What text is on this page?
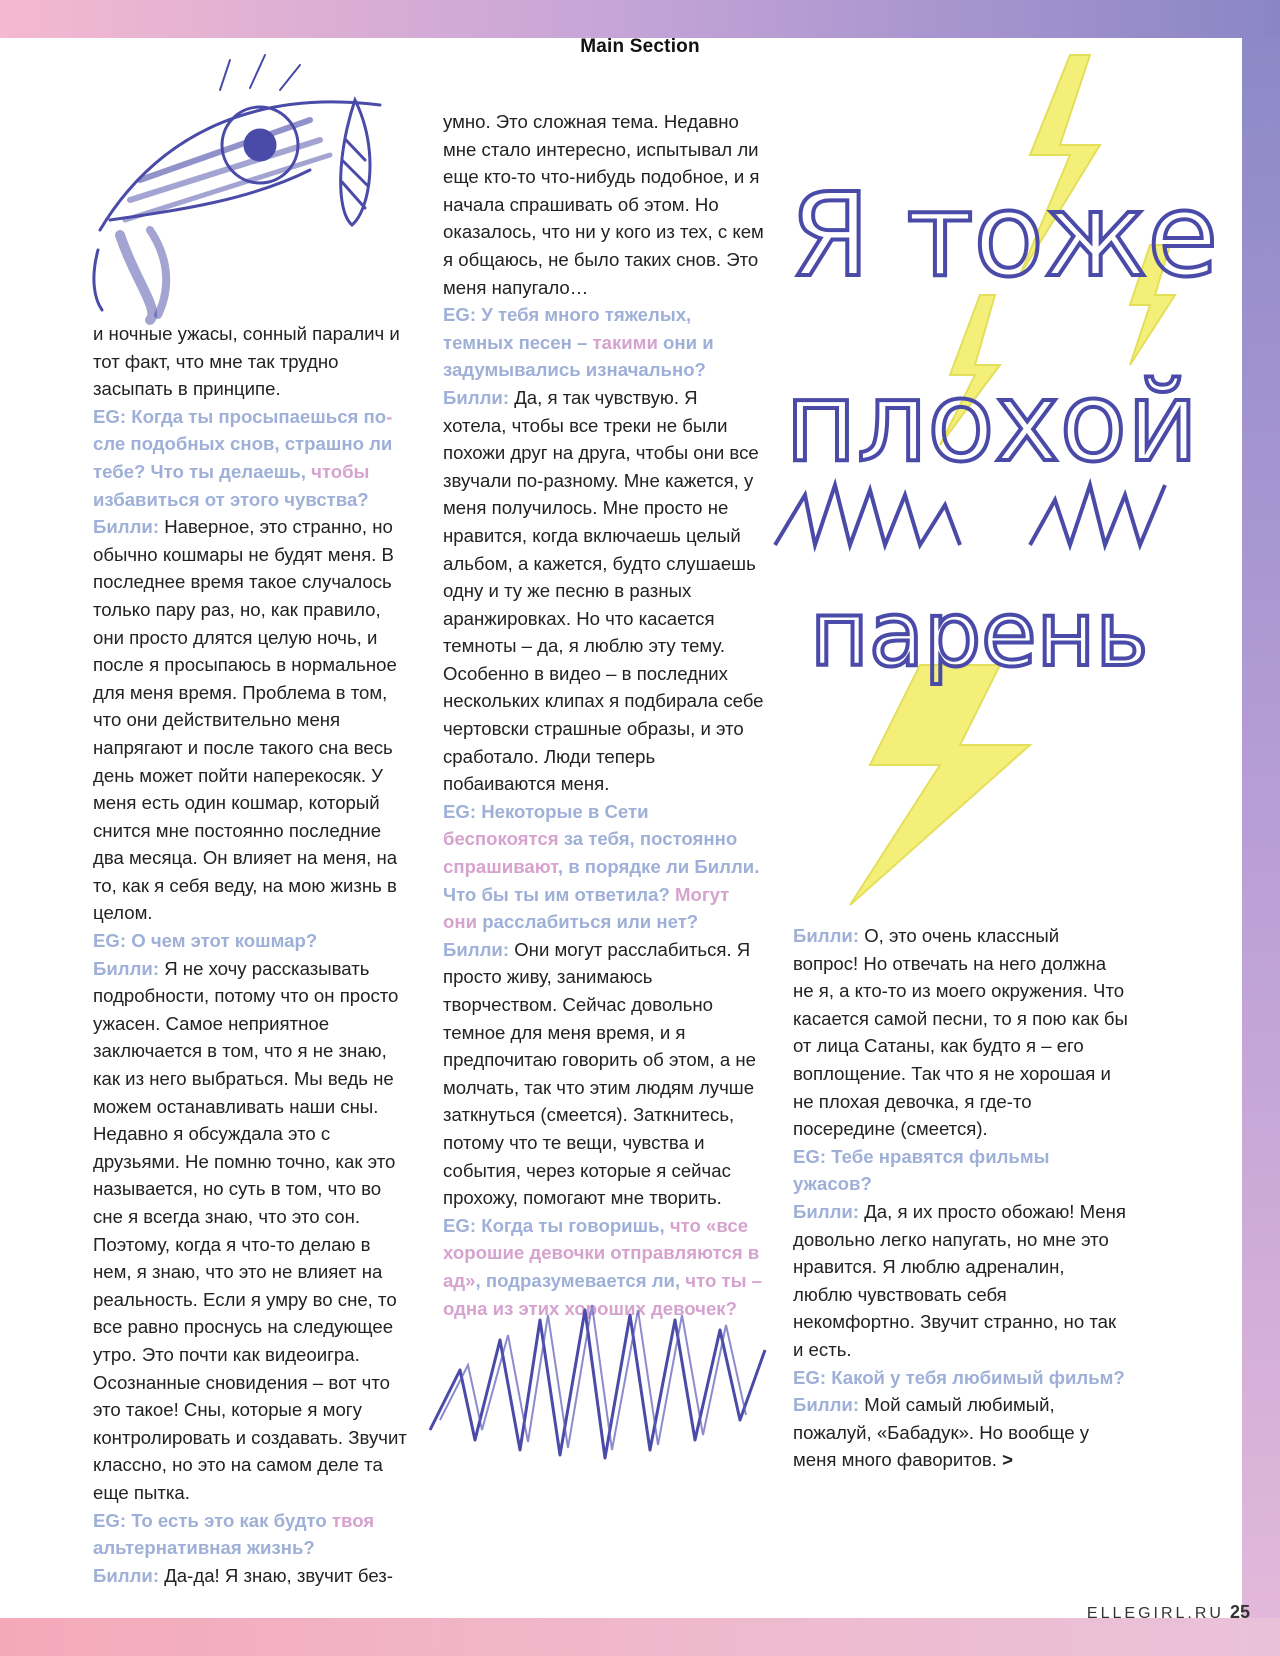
Main Section

и ночные ужасы, сонный паралич и тот факт, что мне так трудно засыпать в принципе.

EG: Когда ты просыпаешься по-сле подобных снов, страшно ли тебе? Что ты делаешь, чтобы избавиться от этого чувства?

Билли: Наверное, это странно, но обычно кошмары не будят меня. В последнее время такое случалось только пару раз, но, как правило, они просто длятся целую ночь, и после я просыпаюсь в нормальное для меня время. Проблема в том, что они действительно меня напрягают и после такого сна весь день может пойти наперекосяк. У меня есть один кошмар, который снится мне постоянно последние два месяца. Он влияет на меня, на то, как я себя веду, на мою жизнь в целом.

EG: О чем этот кошмар?

Билли: Я не хочу рассказывать подробности, потому что он просто ужасен. Самое неприятное заключается в том, что я не знаю, как из него выбраться. Мы ведь не можем останавливать наши сны. Недавно я обсуждала это с друзьями. Не помню точно, как это называется, но суть в том, что во сне я всегда знаю, что это сон. Поэтому, когда я что-то делаю в нем, я знаю, что это не влияет на реальность. Если я умру во сне, то все равно проснусь на следующее утро. Это почти как видеоигра. Осознанные сновидения – вот что это такое! Сны, которые я могу контролировать и создавать. Звучит классно, но это на самом деле та еще пытка.

EG: То есть это как будто твоя альтернативная жизнь?

Билли: Да-да! Я знаю, звучит без-

умно. Это сложная тема. Недавно мне стало интересно, испытывал ли еще кто-то что-нибудь подобное, и я начала спрашивать об этом. Но оказалось, что ни у кого из тех, с кем я общаюсь, не было таких снов. Это меня напугало…

EG: У тебя много тяжелых, темных песен – такими они и задумывались изначально?

Билли: Да, я так чувствую. Я хотела, чтобы все треки не были похожи друг на друга, чтобы они все звучали по-разному. Мне кажется, у меня получилось. Мне просто не нравится, когда включаешь целый альбом, а кажется, будто слушаешь одну и ту же песню в разных аранжировках. Но что касается темноты – да, я люблю эту тему. Особенно в видео – в последних нескольких клипах я подбирала себе чертовски страшные образы, и это сработало. Люди теперь побаиваются меня.

EG: Некоторые в Сети беспокоятся за тебя, постоянно спрашивают, в порядке ли Билли. Что бы ты им ответила? Могут они расслабиться или нет?

Билли: Они могут расслабиться. Я просто живу, занимаюсь творчеством. Сейчас довольно темное для меня время, и я предпочитаю говорить об этом, а не молчать, так что этим людям лучше заткнуться (смеется). Заткнитесь, потому что те вещи, чувства и события, через которые я сейчас прохожу, помогают мне творить.

EG: Когда ты говоришь, что «все хорошие девочки отправляются в ад», подразумевается ли, что ты – одна из этих хороших девочек?

Я тоже
плохой
парень

Билли: О, это очень классный вопрос! Но отвечать на него должна не я, а кто-то из моего окружения. Что касается самой песни, то я пою как бы от лица Сатаны, как будто я – его воплощение. Так что я не хорошая и не плохая девочка, я где-то посередине (смеется).

EG: Тебе нравятся фильмы ужасов?

Билли: Да, я их просто обожаю! Меня довольно легко напугать, но мне это нравится. Я люблю адреналин, люблю чувствовать себя некомфортно. Звучит странно, но так и есть.

EG: Какой у тебя любимый фильм?

Билли: Мой самый любимый, пожалуй, «Бабадук». Но вообще у меня много фаворитов. >

ELLEGIRL.RU 25
